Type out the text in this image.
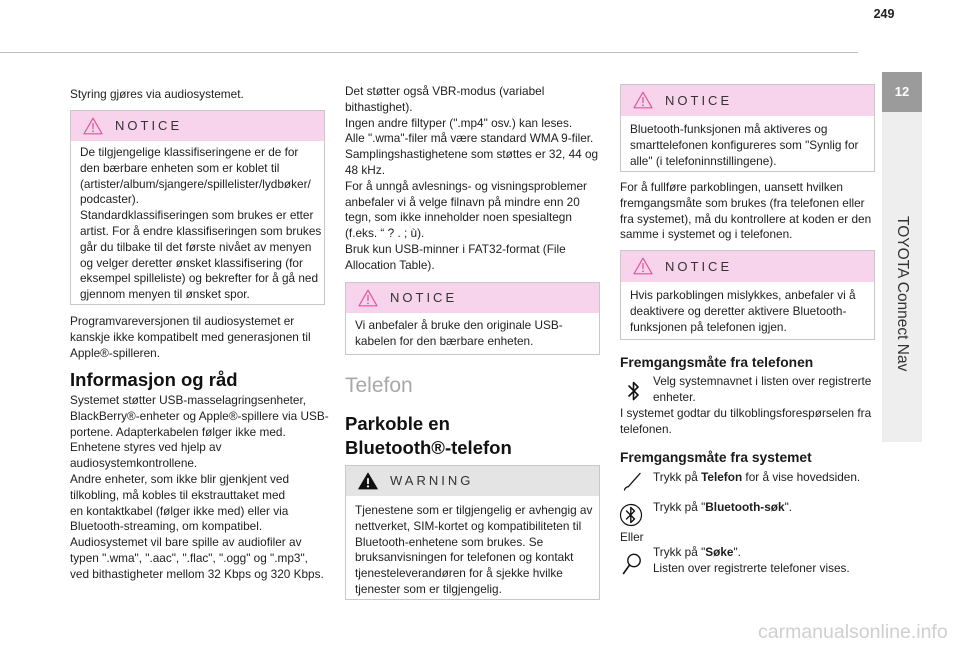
249
12
TOYOTA Connect Nav
Styring gjøres via audiosystemet.
NOTICE
De tilgjengelige klassifiseringene er de for
den bærbare enheten som er koblet til
(artister/album/sjangere/spillelister/lydbøker/
podcaster).
Standardklassifiseringen som brukes er etter
artist. For å endre klassifiseringen som brukes
går du tilbake til det første nivået av menyen
og velger deretter ønsket klassifisering (for
eksempel spilleliste) og bekrefter for å gå ned
gjennom menyen til ønsket spor.
Programvareversjonen til audiosystemet er
kanskje ikke kompatibelt med generasjonen til
Apple®-spilleren.
Informasjon og råd
Systemet støtter USB-masselagringsenheter,
BlackBerry®-enheter og Apple®-spillere via USB-
portene. Adapterkabelen følger ikke med.
Enhetene styres ved hjelp av
audiosystemkontrollene.
Andre enheter, som ikke blir gjenkjent ved
tilkobling, må kobles til ekstrauttaket med
en kontaktkabel (følger ikke med) eller via
Bluetooth-streaming, om kompatibel.
Audiosystemet vil bare spille av audiofiler av
typen ".wma", ".aac", ".flac", ".ogg" og ".mp3",
ved bithastigheter mellom 32 Kbps og 320 Kbps.
Det støtter også VBR-modus (variabel
bithastighet).
Ingen andre filtyper (".mp4" osv.) kan leses.
Alle ".wma"-filer må være standard WMA 9-filer.
Samplingshastighetene som støttes er 32, 44 og
48 kHz.
For å unngå avlesnings- og visningsproblemer
anbefaler vi å velge filnavn på mindre enn 20
tegn, som ikke inneholder noen spesialtegn
(f.eks. “ ? . ; ù).
Bruk kun USB-minner i FAT32-format (File
Allocation Table).
NOTICE
Vi anbefaler å bruke den originale USB-
kabelen for den bærbare enheten.
Telefon
Parkoble en
Bluetooth®-telefon
WARNING
Tjenestene som er tilgjengelig er avhengig av
nettverket, SIM-kortet og kompatibiliteten til
Bluetooth-enhetene som brukes. Se
bruksanvisningen for telefonen og kontakt
tjenesteleverandøren for å sjekke hvilke
tjenester som er tilgjengelig.
NOTICE
Bluetooth-funksjonen må aktiveres og
smarttelefonen konfigureres som "Synlig for
alle" (i telefoninnstillingene).
For å fullføre parkoblingen, uansett hvilken
fremgangsmåte som brukes (fra telefonen eller
fra systemet), må du kontrollere at koden er den
samme i systemet og i telefonen.
NOTICE
Hvis parkoblingen mislykkes, anbefaler vi å
deaktivere og deretter aktivere Bluetooth-
funksjonen på telefonen igjen.
Fremgangsmåte fra telefonen
Velg systemnavnet i listen over registrerte
enheter.
I systemet godtar du tilkoblingsforespørselen fra
telefonen.
Fremgangsmåte fra systemet
Trykk på Telefon for å vise hovedsiden.
Trykk på "Bluetooth-søk".
Eller
Trykk på "Søke".
Listen over registrerte telefoner vises.
carmanualsonline.info
